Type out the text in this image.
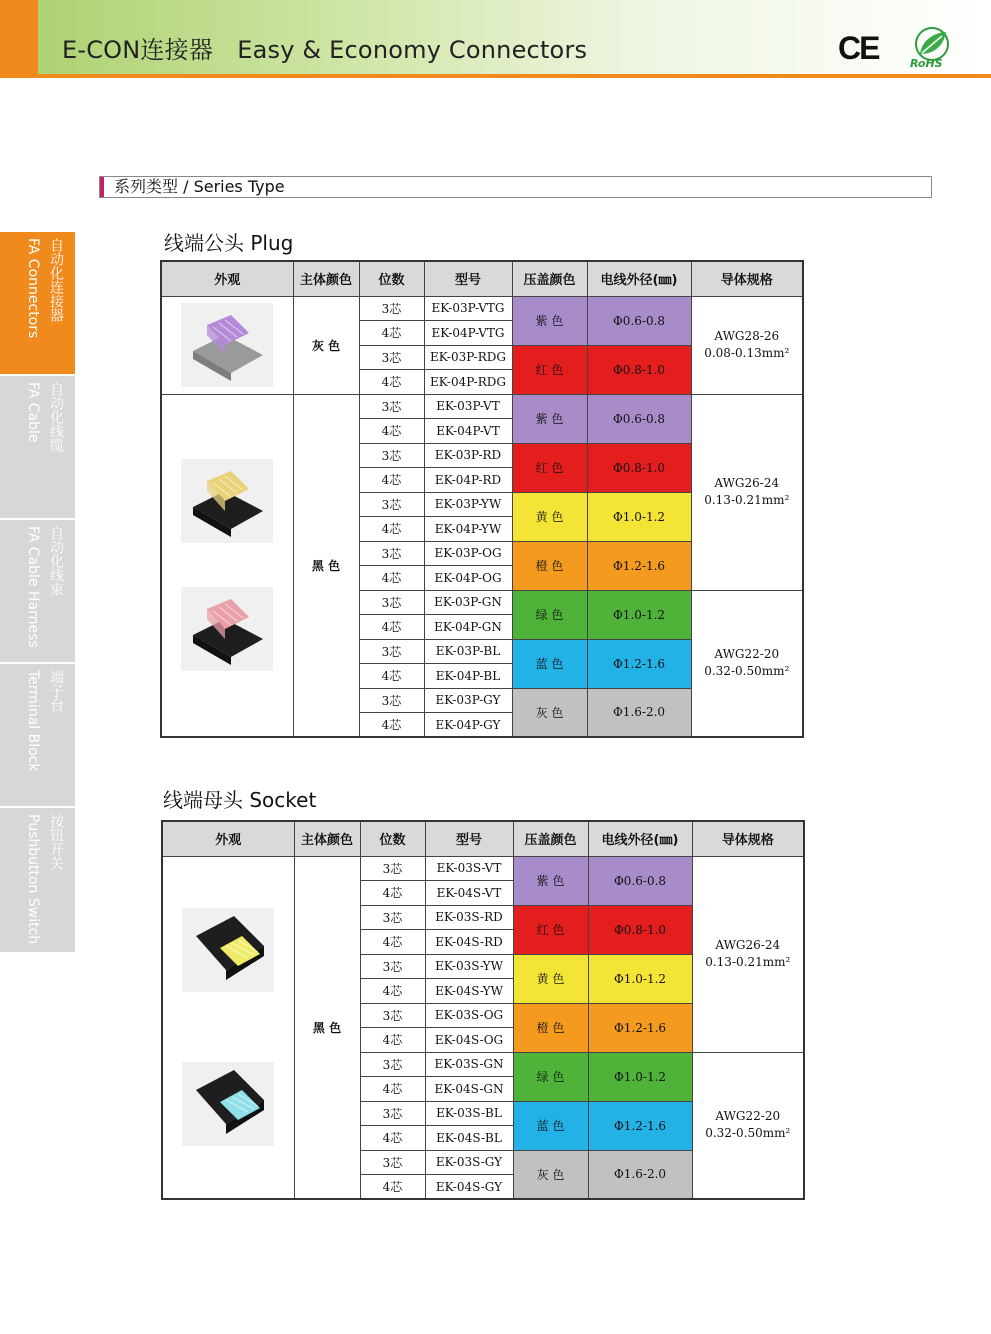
E-CON连接器　Easy & Economy Connectors	CE	RoHS
自动化连接器
FA Connectors
自动化线缆
FA Cable
自动化线束
FA Cable Harness
端子台
Terminal Block
按钮开关
Pushbutton Switch
系列类型 / Series Type
线端公头 Plug
线端母头 Socket
外观	主体颜色	位数	型号	压盖颜色	电线外径(㎜)	导体规格

	灰 色	3芯	EK-03P-VTG	紫 色	Φ0.6-0.8	AWG28-26
0.08-0.13mm²

		4芯	EK-04P-VTG			
		3芯	EK-03P-RDG	红 色	Φ0.8-1.0	
		4芯	EK-04P-RDG			

	黑 色	3芯	EK-03P-VT	紫 色	Φ0.6-0.8	AWG26-24
0.13-0.21mm²

		4芯	EK-04P-VT			
		3芯	EK-03P-RD	红 色	Φ0.8-1.0	
		4芯	EK-04P-RD			
		3芯	EK-03P-YW	黄 色	Φ1.0-1.2	
		4芯	EK-04P-YW			
		3芯	EK-03P-OG	橙 色	Φ1.2-1.6	
		4芯	EK-04P-OG			
		3芯	EK-03P-GN	绿 色	Φ1.0-1.2	AWG22-20
0.32-0.50mm²

		4芯	EK-04P-GN			
		3芯	EK-03P-BL	蓝 色	Φ1.2-1.6	
		4芯	EK-04P-BL			
		3芯	EK-03P-GY	灰 色	Φ1.6-2.0	
		4芯	EK-04P-GY			
外观	主体颜色	位数	型号	压盖颜色	电线外径(㎜)	导体规格

	黑 色	3芯	EK-03S-VT	紫 色	Φ0.6-0.8	AWG26-24
0.13-0.21mm²

		4芯	EK-04S-VT			
		3芯	EK-03S-RD	红 色	Φ0.8-1.0	
		4芯	EK-04S-RD			
		3芯	EK-03S-YW	黄 色	Φ1.0-1.2	
		4芯	EK-04S-YW			
		3芯	EK-03S-OG	橙 色	Φ1.2-1.6	
		4芯	EK-04S-OG			
		3芯	EK-03S-GN	绿 色	Φ1.0-1.2	AWG22-20
0.32-0.50mm²

		4芯	EK-04S-GN			
		3芯	EK-03S-BL	蓝 色	Φ1.2-1.6	
		4芯	EK-04S-BL			
		3芯	EK-03S-GY	灰 色	Φ1.6-2.0	
		4芯	EK-04S-GY			
